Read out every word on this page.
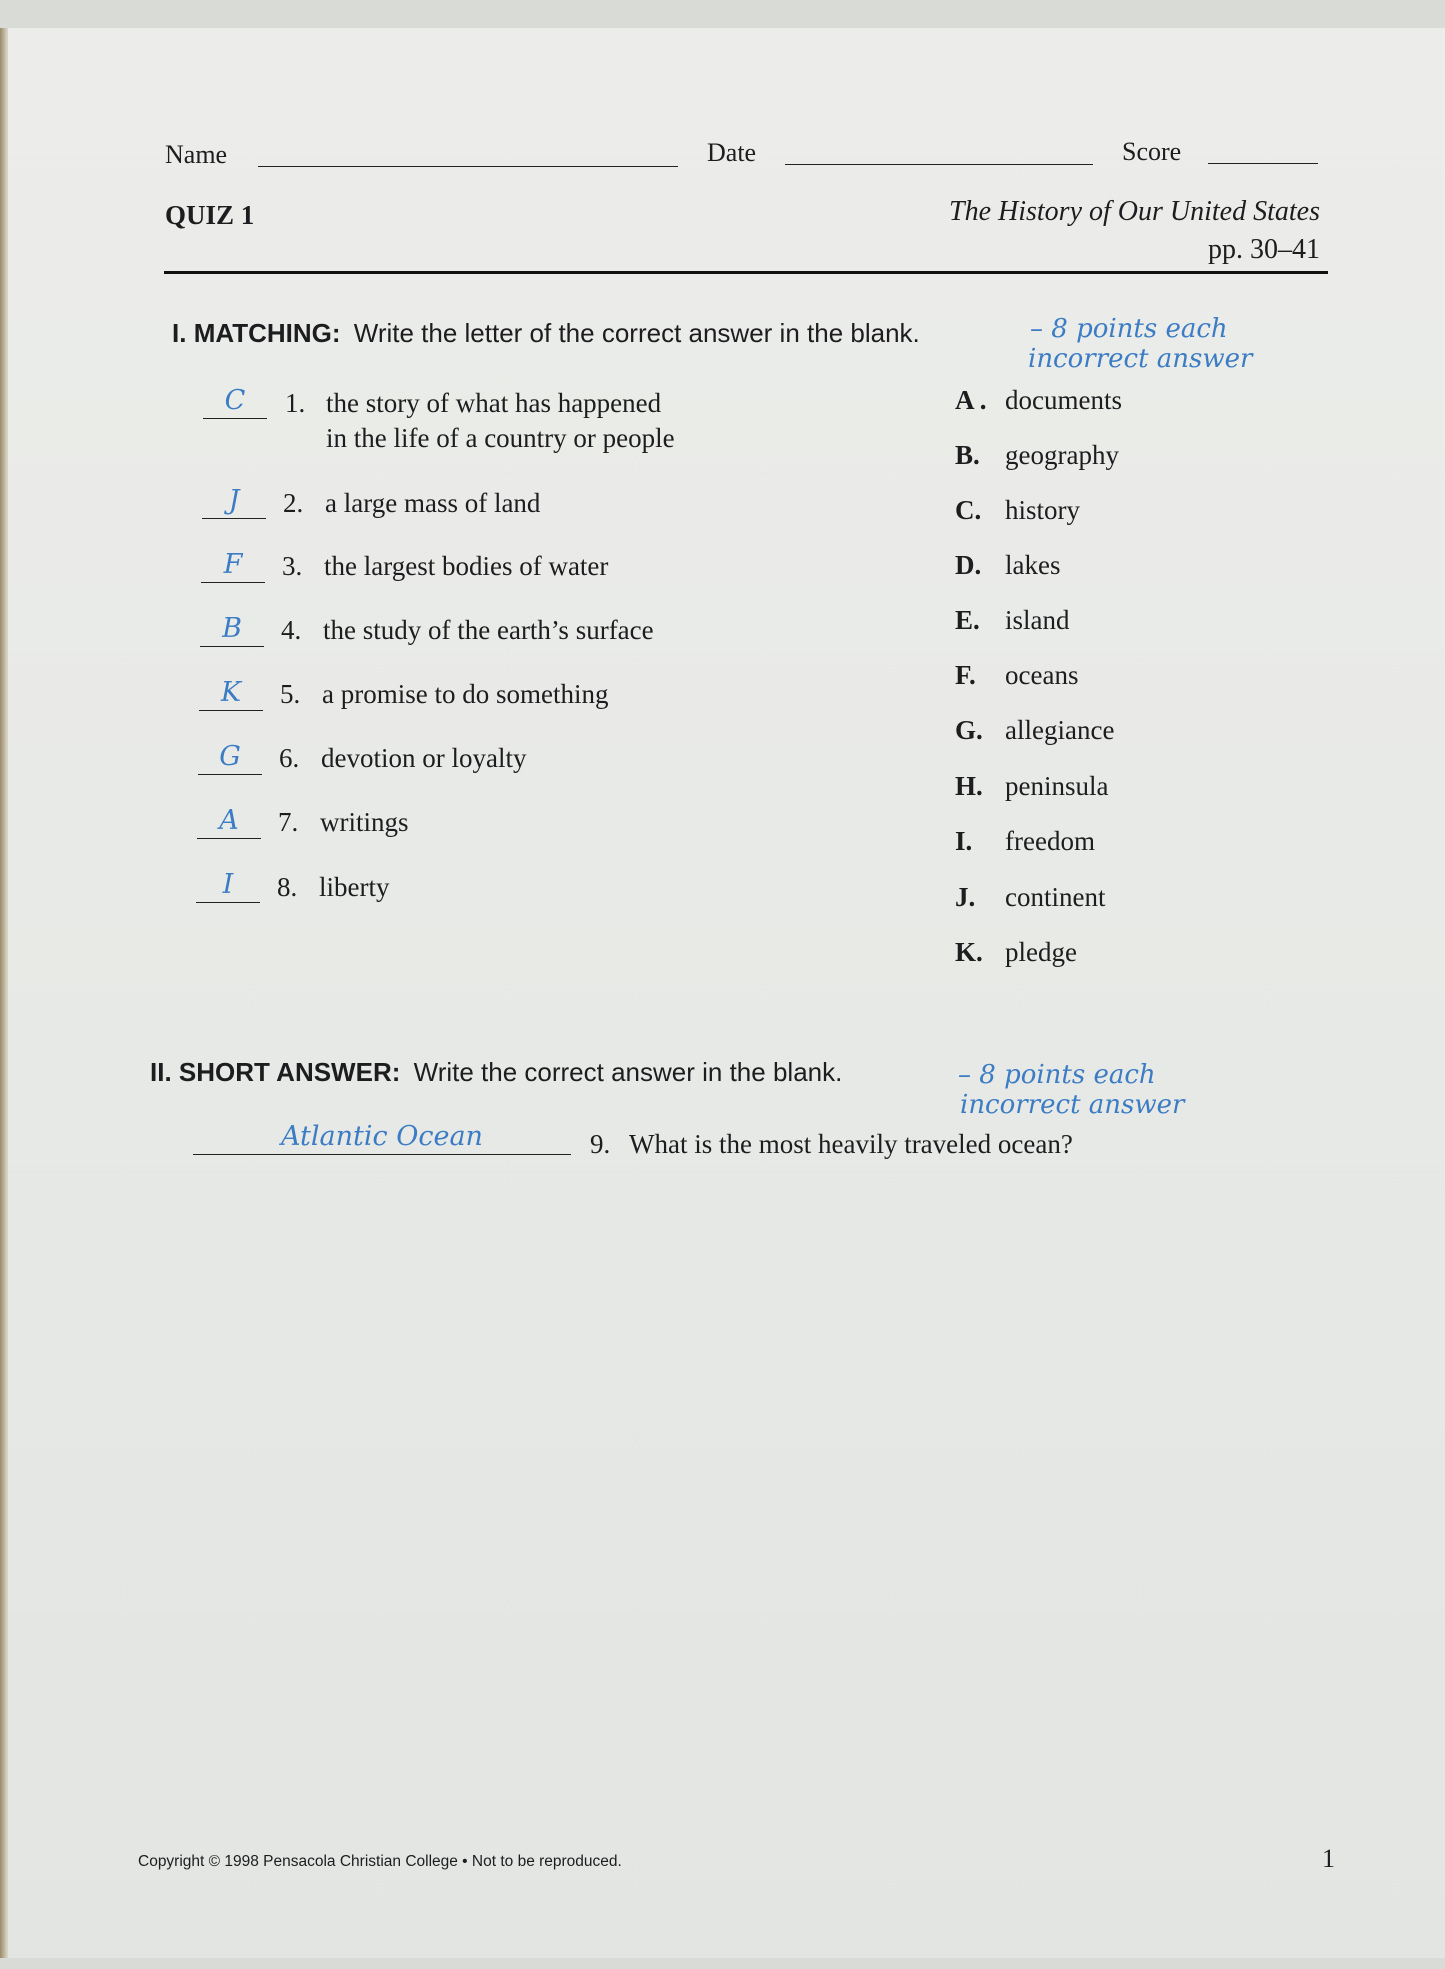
Name	Date	Score
QUIZ 1	The History of Our United States
pp. 30–41
I. MATCHING: Write the letter of the correct answer in the blank.	– 8 points each
incorrect answer
C	1. the story of what has happened
in the life of a country or people
J	2. a large mass of land
F	3. the largest bodies of water
B	4. the study of the earth’s surface
K	5. a promise to do something
G	6. devotion or loyalty
A	7. writings
I	8. liberty
A . documents
B. geography
C. history
D. lakes
E. island
F. oceans
G. allegiance
H. peninsula
I. freedom
J. continent
K. pledge
II. SHORT ANSWER: Write the correct answer in the blank.	– 8 points each
incorrect answer
Atlantic Ocean	9. What is the most heavily traveled ocean?
Copyright © 1998 Pensacola Christian College • Not to be reproduced.	1
